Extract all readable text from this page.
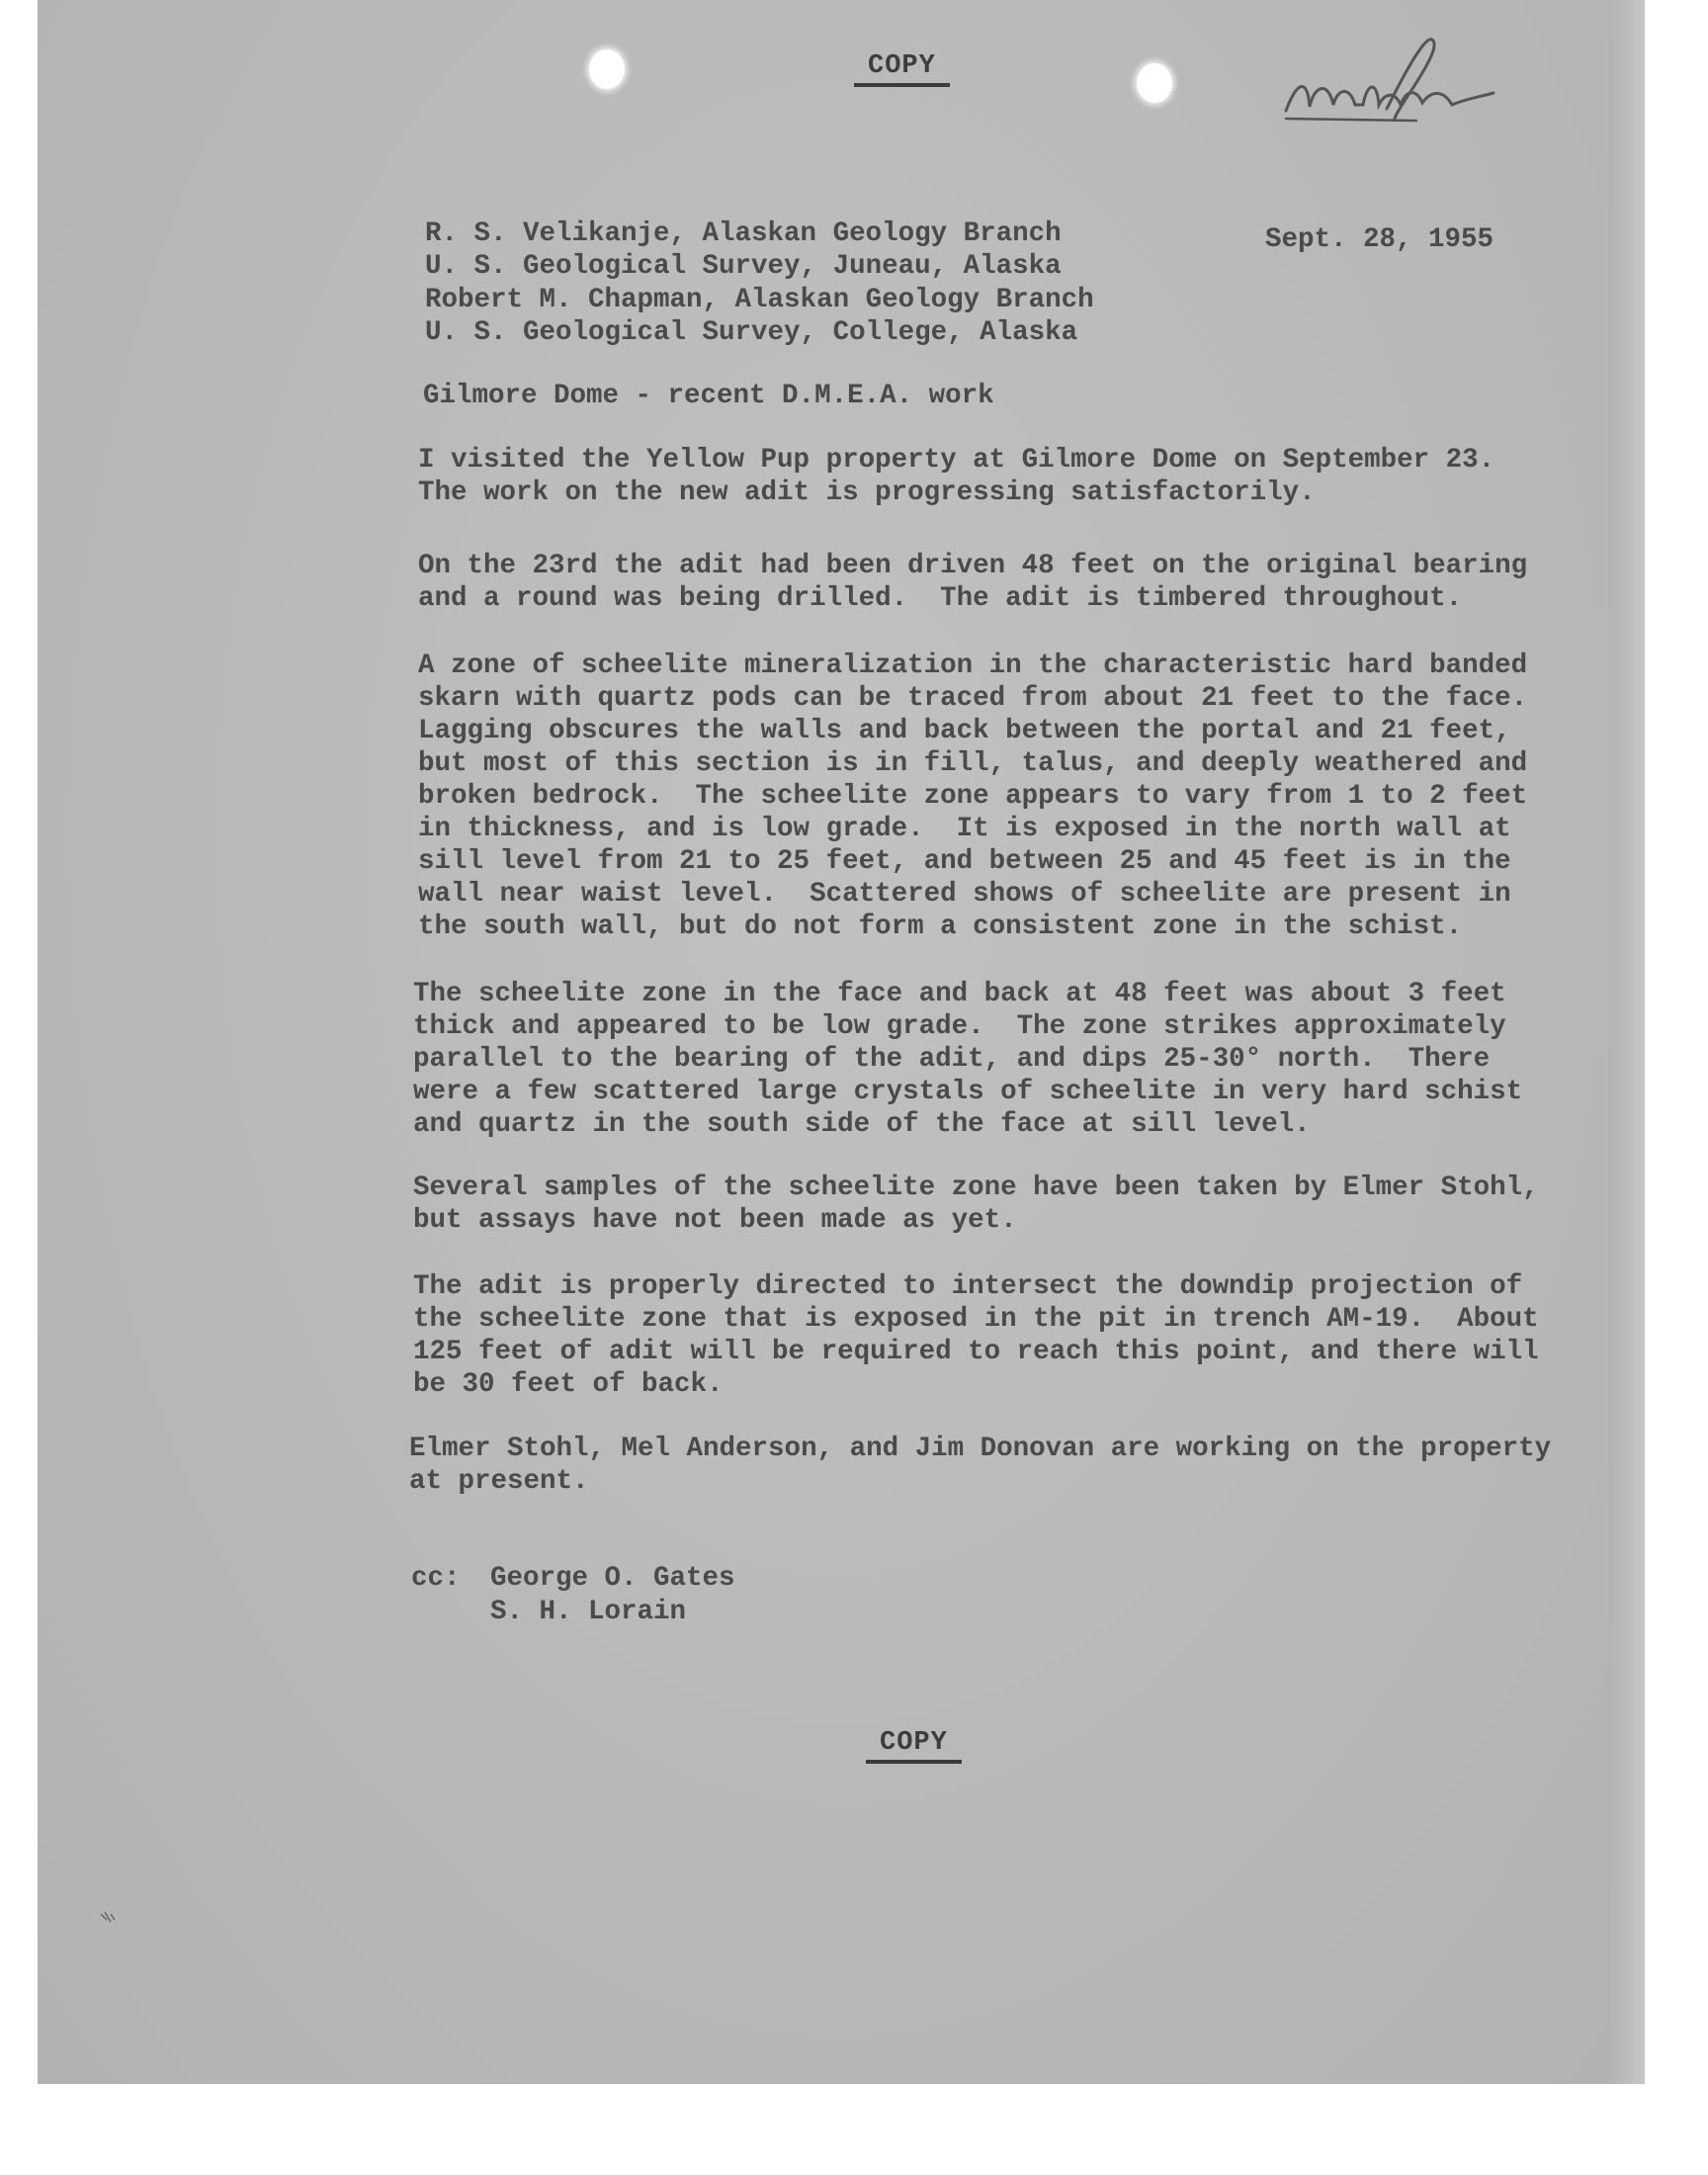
COPY
R. S. Velikanje, Alaskan Geology Branch
U. S. Geological Survey, Juneau, Alaska
Robert M. Chapman, Alaskan Geology Branch
U. S. Geological Survey, College, Alaska
Sept. 28, 1955
Gilmore Dome - recent D.M.E.A. work
I visited the Yellow Pup property at Gilmore Dome on September 23.
The work on the new adit is progressing satisfactorily.
On the 23rd the adit had been driven 48 feet on the original bearing
and a round was being drilled.  The adit is timbered throughout.
A zone of scheelite mineralization in the characteristic hard banded
skarn with quartz pods can be traced from about 21 feet to the face.
Lagging obscures the walls and back between the portal and 21 feet,
but most of this section is in fill, talus, and deeply weathered and
broken bedrock.  The scheelite zone appears to vary from 1 to 2 feet
in thickness, and is low grade.  It is exposed in the north wall at
sill level from 21 to 25 feet, and between 25 and 45 feet is in the
wall near waist level.  Scattered shows of scheelite are present in
the south wall, but do not form a consistent zone in the schist.
The scheelite zone in the face and back at 48 feet was about 3 feet
thick and appeared to be low grade.  The zone strikes approximately
parallel to the bearing of the adit, and dips 25-30° north.  There
were a few scattered large crystals of scheelite in very hard schist
and quartz in the south side of the face at sill level.
Several samples of the scheelite zone have been taken by Elmer Stohl,
but assays have not been made as yet.
The adit is properly directed to intersect the downdip projection of
the scheelite zone that is exposed in the pit in trench AM-19.  About
125 feet of adit will be required to reach this point, and there will
be 30 feet of back.
Elmer Stohl, Mel Anderson, and Jim Donovan are working on the property
at present.
cc: George O. Gates
S. H. Lorain
COPY
